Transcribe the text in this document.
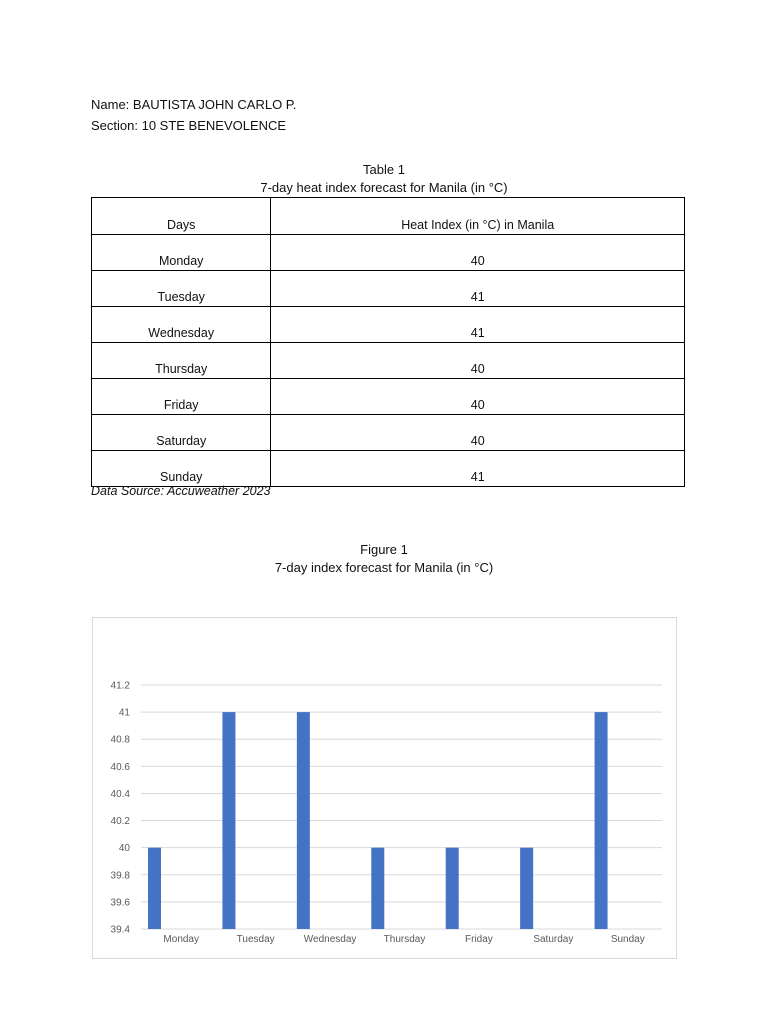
Name: BAUTISTA JOHN CARLO P.
Section: 10 STE BENEVOLENCE
Table 1
7-day heat index forecast for Manila (in °C)
Days	Heat Index (in °C) in Manila
Monday	40
Tuesday	41
Wednesday	41
Thursday	40
Friday	40
Saturday	40
Sunday	41
Data Source: Accuweather 2023
Figure 1
7-day index forecast for Manila (in °C)
39.4
39.6
39.8
40
40.2
40.4
40.6
40.8
41
41.2
Monday	Tuesday	Wednesday	Thursday	Friday	Saturday	Sunday
